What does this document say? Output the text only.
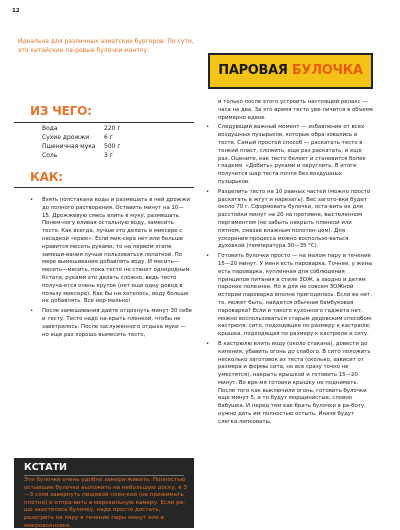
12
Идеальна для различных азиатских бургеров. По сути, это китайские па-ровые булочки мантоу.
ПАРОВАЯ БУЛОЧКА
ИЗ ЧЕГО:
Вода	220 г
Сухие дрожжи 6 г
Пшеничная мука 500 г
Соль	3 г
КАК:
• Взять полстакана воды и размешать в ней дрожжи до полного растворения. Оставить минут на 10—15. Дрожжевую смесь влить в муку, размешать. Понем-ногу вливая остальную воду, замесить тесто. Как всегда, лучше это делать в миксере с насадкой «крюк». Если мик-сера нет или больше нравится месить руками, то на первом этапе замеши-вания лучше пользоваться лопаткой. По мере вымешивания добавлять воду. И месить—месить—месить, пока тесто не станет однородным. Кстати, руками это делать сложно, ведь тесто получа-ется очень крутое (нет еще одну довод в пользу миксера). Как бы ни хотелось, воду больше не добавлять. Все нор-мально!
• После замешивания дайте отдохнуть минут 30 себе и тесту. Тесто надо на-крыть пленкой, чтобы не заветрилось. После заслуженного отдыха муки — но еще раз хорошо вымесить тесто,
и только после этого устроить настоящий релакс — часа на два. За это время тесто уве-личится в объеме примерно вдвое.
• Следующий важный момент — избавление от всех воздушных пузырьков, которые обра-зовались в тесте. Самый простой способ — раскатать тесто в тонкий пласт, сложить, еще раз раскатать, и еще раз. Оцените, как тесто белеет и становится более гладким. «Добить» руками и округлить. В итоге получится шар теста почти без воздушных пузырьков.
• Разделить тесто на 10 равных частей (можно просто раскатать в жгут и нарезать). Вес загото-вки будет около 70 г. Сформовать булочки, оста-вить их для расстойки минут на 20 на противне, выстеленном пергаментом (не забыть накрыть пленкой или пятном, смазав влажным полотен-цем). Для ускорения процесса можно воспользо-ваться духовкой (температура 30—35 °С).
• Готовить булочки просто — на малом пару в течение 15—20 минут. У меня есть пароварка. Точнее, у жены есть пароварка, купленная для соблюдения принципов питания в стиле ЗОЖ, а заодно и детям пароное полезнее. Но я для не совсем ЗОЖной истории пароварка вполне пригодилась. Если ее нет, то, может быть, найдется обычная бамбуковая пароварка? Если и такого кухонного гаджета нет, можно воспользоваться старым дедовским способом: кастрюля; сито, подходящее по размеру к кастрюле; крышка, подходящая по размеру к кастрюле и ситу.
• В кастрюлю влить воду (около стакана), довести до кипения, убавить огонь до слабого. В сито положить несколько заготовок из теста (сколько, зависит от размера и формы сита, но все сразу точно не уместятся), накрыть крышкой и готовить 15—20 минут. Во вре-мя готовки крышку не поднимать. После того как выключили огонь, готовить булочки еще минут 5, а то будут морщинистые, словно бабушка. И перед тем как брать булочки в ра-боту, нужно дать им полностью остыть. Иначе будут слегка липковаты.
КСТАТИ
Эти булочки очень удобно заморa-живать. Полностью остывшие булочки выложить на небольшую доску, в 3—3 слоя завернуть пищевой плен-кой (не прижимать плотно) и отпра-вить в морозильную камеру. Если ре-шо захотелось булочку, надо просто достать, разогреть на пару в течение пары минут или в микроволновке.
